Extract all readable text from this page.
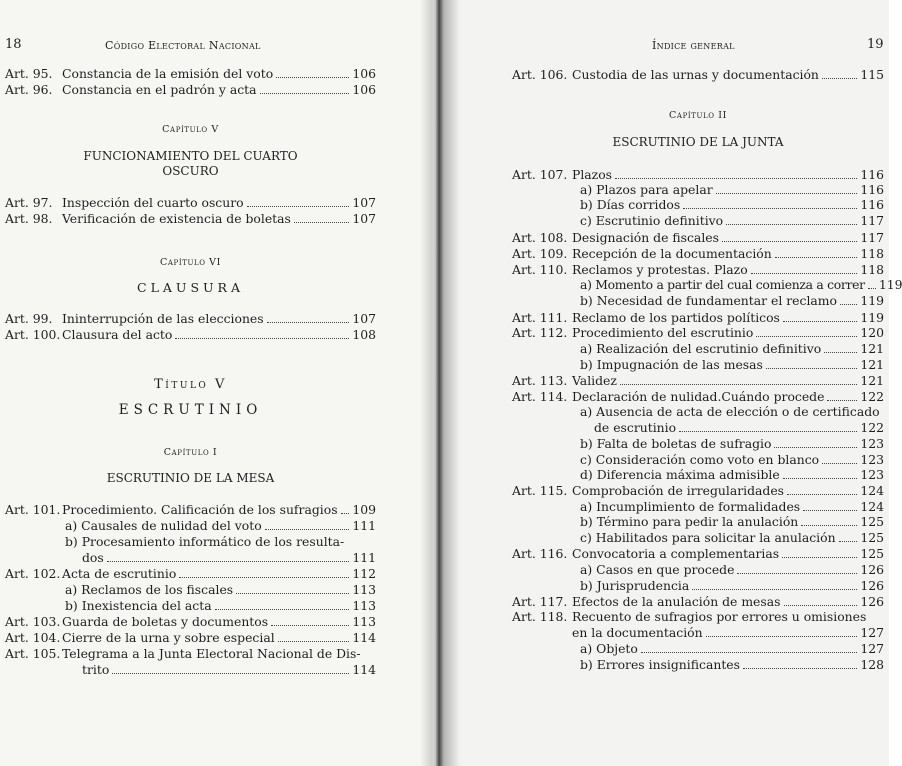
18	Código Electoral Nacional
Art. 95. Constancia de la emisión del voto	106
Art. 96. Constancia en el padrón y acta	106
Capítulo V
FUNCIONAMIENTO DEL CUARTO
OSCURO
Art. 97. Inspección del cuarto oscuro	107
Art. 98. Verificación de existencia de boletas	107
Capítulo VI
CLAUSURA
Art. 99. Ininterrupción de las elecciones	107
Art. 100. Clausura del acto	108
Título V
ESCRUTINIO
Capítulo I
ESCRUTINIO DE LA MESA
Art. 101. Procedimiento. Calificación de los sufragios 109
a) Causales de nulidad del voto	111
b) Procesamiento informático de los resulta-
dos	111
Art. 102. Acta de escrutinio	112
a) Reclamos de los fiscales	113
b) Inexistencia del acta	113
Art. 103. Guarda de boletas y documentos	113
Art. 104. Cierre de la urna y sobre especial	114
Art. 105. Telegrama a la Junta Electoral Nacional de Dis-
trito	114
Índice general	19
Art. 106. Custodia de las urnas y documentación	115
Capítulo II
ESCRUTINIO DE LA JUNTA
Art. 107. Plazos	116
a) Plazos para apelar	116
b) Días corridos	116
c) Escrutinio definitivo	117
Art. 108. Designación de fiscales	117
Art. 109. Recepción de la documentación	118
Art. 110. Reclamos y protestas. Plazo	118
a) Momento a partir del cual comienza a correr 119
b) Necesidad de fundamentar el reclamo 119
Art. 111. Reclamo de los partidos políticos	119
Art. 112. Procedimiento del escrutinio	120
a) Realización del escrutinio definitivo	121
b) Impugnación de las mesas	121
Art. 113. Validez	121
Art. 114. Declaración de nulidad.Cuándo procede	122
a) Ausencia de acta de elección o de certificado
de escrutinio	122
b) Falta de boletas de sufragio	123
c) Consideración como voto en blanco	123
d) Diferencia máxima admisible	123
Art. 115. Comprobación de irregularidades	124
a) Incumplimiento de formalidades	124
b) Término para pedir la anulación	125
c) Habilitados para solicitar la anulación 125
Art. 116. Convocatoria a complementarias	125
a) Casos en que procede	126
b) Jurisprudencia	126
Art. 117. Efectos de la anulación de mesas	126
Art. 118. Recuento de sufragios por errores u omisiones
en la documentación	127
a) Objeto	127
b) Errores insignificantes	128
